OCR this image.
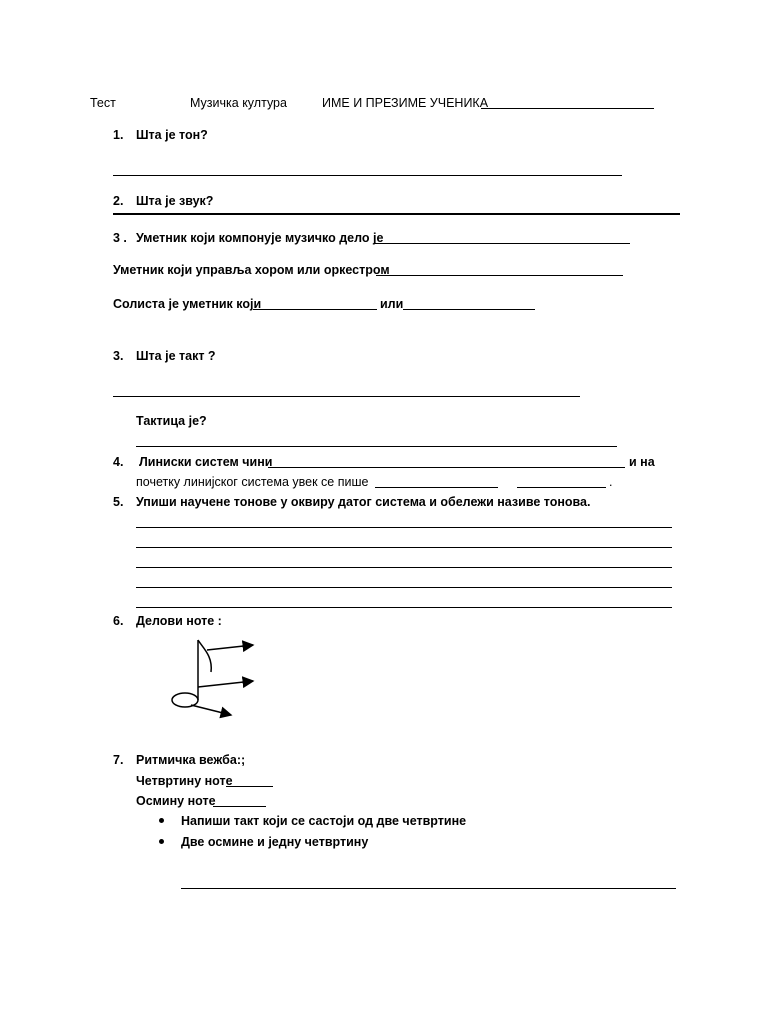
Тест	Музичка култура	ИМЕ И ПРЕЗИМЕ УЧЕНИКА
1. Шта је тон?
2. Шта је звук?
3 . Уметник који компонује музичко дело је
Уметник који управља хором или оркестром
Солиста је уметник који	или
3. Шта је такт ?
Тактица је?
4. Линиски систем чини	и на
почетку линијског система увек се пише	.
5. Упиши научене тонове у оквиру датог система и обележи називе тонова.
6. Делови ноте :
7. Ритмичка вежба:;
Четвртину ноте
Осмину ноте
Напиши такт који се састоји од две четвртине
Две осмине и једну четвртину
